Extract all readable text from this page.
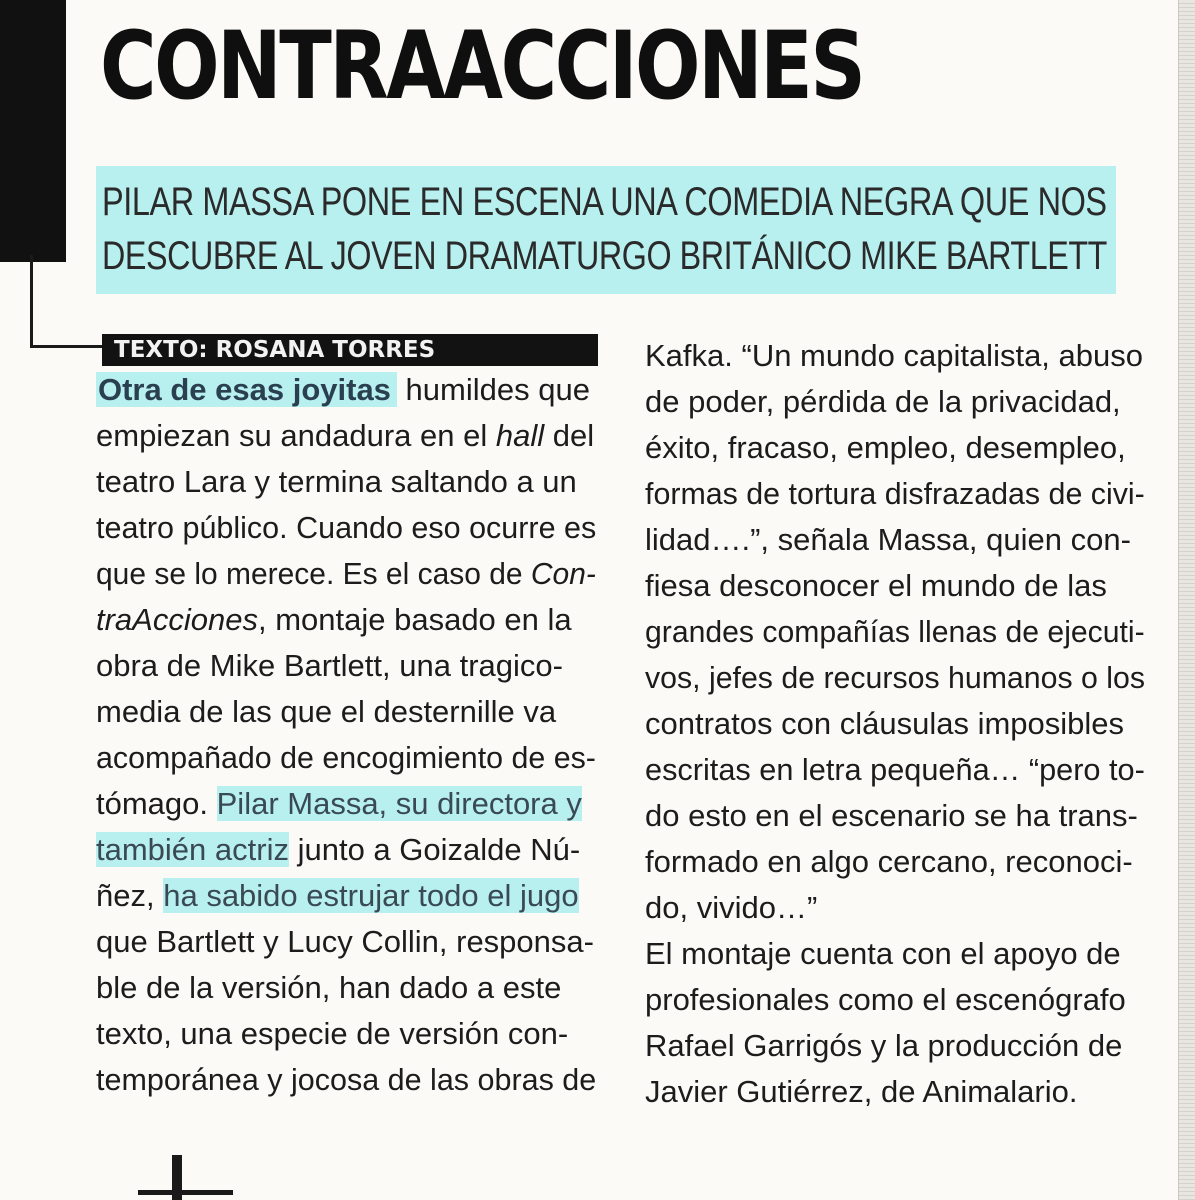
CONTRAACCIONES
PILAR MASSA PONE EN ESCENA UNA COMEDIA NEGRA QUE NOS
DESCUBRE AL JOVEN DRAMATURGO BRITÁNICO MIKE BARTLETT
TEXTO: ROSANA TORRES
Otra de esas joyitas humildes que
empiezan su andadura en el hall del
teatro Lara y termina saltando a un
teatro público. Cuando eso ocurre es
que se lo merece. Es el caso de Con-
traAcciones, montaje basado en la
obra de Mike Bartlett, una tragico-
media de las que el desternille va
acompañado de encogimiento de es-
tómago. Pilar Massa, su directora y
también actriz junto a Goizalde Nú-
ñez, ha sabido estrujar todo el jugo
que Bartlett y Lucy Collin, responsa-
ble de la versión, han dado a este
texto, una especie de versión con-
temporánea y jocosa de las obras de
Kafka. “Un mundo capitalista, abuso
de poder, pérdida de la privacidad,
éxito, fracaso, empleo, desempleo,
formas de tortura disfrazadas de civi-
lidad….”, señala Massa, quien con-
fiesa desconocer el mundo de las
grandes compañías llenas de ejecuti-
vos, jefes de recursos humanos o los
contratos con cláusulas imposibles
escritas en letra pequeña… “pero to-
do esto en el escenario se ha trans-
formado en algo cercano, reconoci-
do, vivido…”
El montaje cuenta con el apoyo de
profesionales como el escenógrafo
Rafael Garrigós y la producción de
Javier Gutiérrez, de Animalario.
